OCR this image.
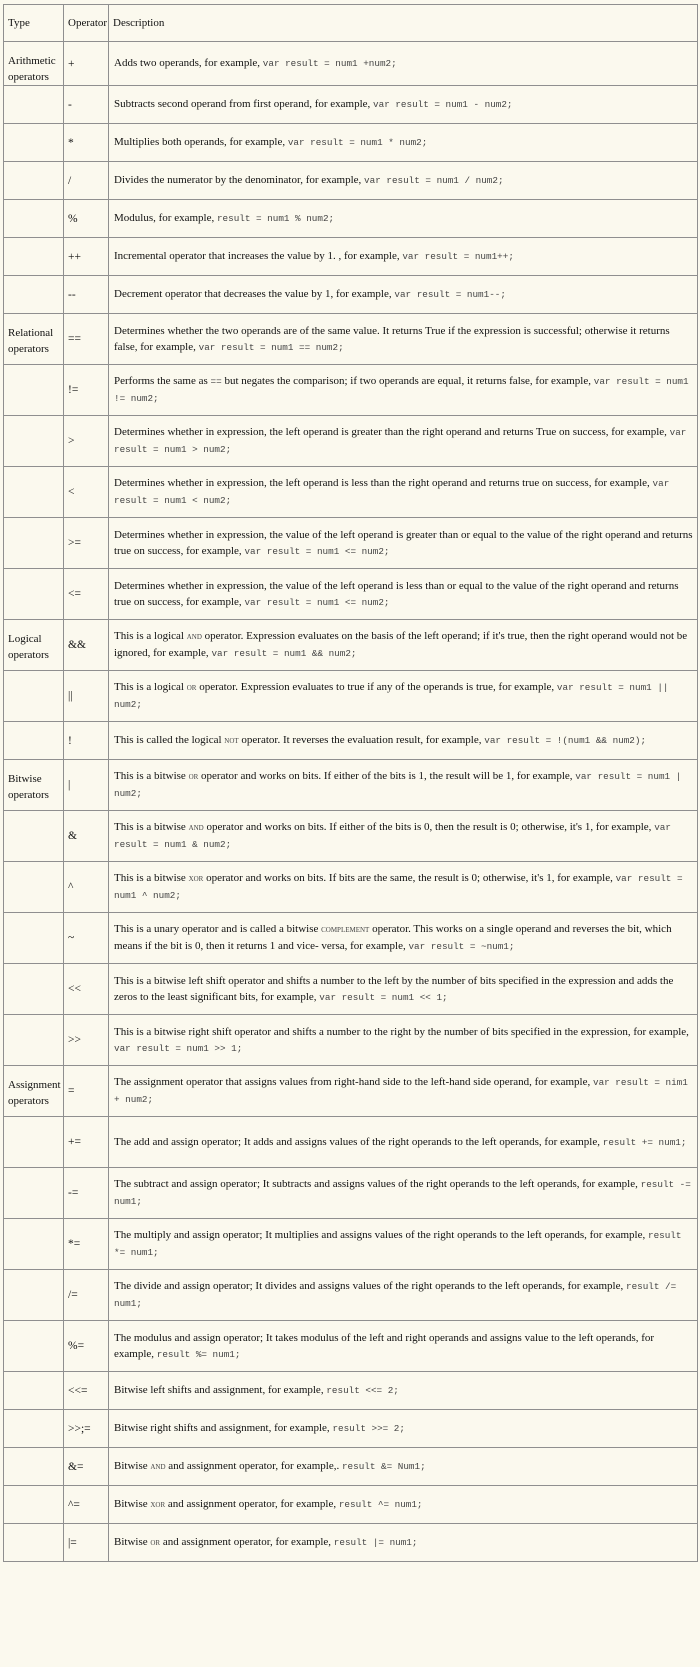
Type	Operator	Description
Arithmetic operators	+	Adds two operands, for example, var result = num1 +num2;
	-	Subtracts second operand from first operand, for example, var result = num1 - num2;
	*	Multiplies both operands, for example, var result = num1 * num2;
	/	Divides the numerator by the denominator, for example, var result = num1 / num2;
	%	Modulus, for example, result = num1 % num2;
	++	Incremental operator that increases the value by 1. , for example, var result = num1++;
	--	Decrement operator that decreases the value by 1, for example, var result = num1--;
Relational operators	==	Determines whether the two operands are of the same value. It returns True if the expression is successful; otherwise it returns false, for example, var result = num1 == num2;
	!=	Performs the same as == but negates the comparison; if two operands are equal, it returns false, for example, var result = num1 != num2;
	>	Determines whether in expression, the left operand is greater than the right operand and returns True on success, for example, var result = num1 > num2;
	<	Determines whether in expression, the left operand is less than the right operand and returns true on success, for example, var result = num1 < num2;
	>=	Determines whether in expression, the value of the left operand is greater than or equal to the value of the right operand and returns true on success, for example, var result = num1 <= num2;
	<=	Determines whether in expression, the value of the left operand is less than or equal to the value of the right operand and returns true on success, for example, var result = num1 <= num2;
Logical operators	&&	This is a logical and operator. Expression evaluates on the basis of the left operand; if it's true, then the right operand would not be ignored, for example, var result = num1 && num2;
	||	This is a logical or operator. Expression evaluates to true if any of the operands is true, for example, var result = num1 || num2;
	!	This is called the logical not operator. It reverses the evaluation result, for example, var result = !(num1 && num2);
Bitwise operators	|	This is a bitwise or operator and works on bits. If either of the bits is 1, the result will be 1, for example, var result = num1 | num2;
	&	This is a bitwise and operator and works on bits. If either of the bits is 0, then the result is 0; otherwise, it's 1, for example, var result = num1 & num2;
	^	This is a bitwise xor operator and works on bits. If bits are the same, the result is 0; otherwise, it's 1, for example, var result = num1 ^ num2;
	~	This is a unary operator and is called a bitwise complement operator. This works on a single operand and reverses the bit, which means if the bit is 0, then it returns 1 and vice- versa, for example, var result = ~num1;
	<<	This is a bitwise left shift operator and shifts a number to the left by the number of bits specified in the expression and adds the zeros to the least significant bits, for example, var result = num1 << 1;
	>>	This is a bitwise right shift operator and shifts a number to the right by the number of bits specified in the expression, for example, var result = num1 >> 1;
Assignment operators	=	The assignment operator that assigns values from right-hand side to the left-hand side operand, for example, var result = nim1 + num2;
	+=	The add and assign operator; It adds and assigns values of the right operands to the left operands, for example, result += num1;
	-=	The subtract and assign operator; It subtracts and assigns values of the right operands to the left operands, for example, result -= num1;
	*=	The multiply and assign operator; It multiplies and assigns values of the right operands to the left operands, for example, result *= num1;
	/=	The divide and assign operator; It divides and assigns values of the right operands to the left operands, for example, result /= num1;
	%=	The modulus and assign operator; It takes modulus of the left and right operands and assigns value to the left operands, for example, result %= num1;
	<<=	Bitwise left shifts and assignment, for example, result <<= 2;
	>>;=	Bitwise right shifts and assignment, for example, result >>= 2;
	&=	Bitwise and and assignment operator, for example,. result &= Num1;
	^=	Bitwise xor and assignment operator, for example, result ^= num1;
	|=	Bitwise or and assignment operator, for example, result |= num1;
